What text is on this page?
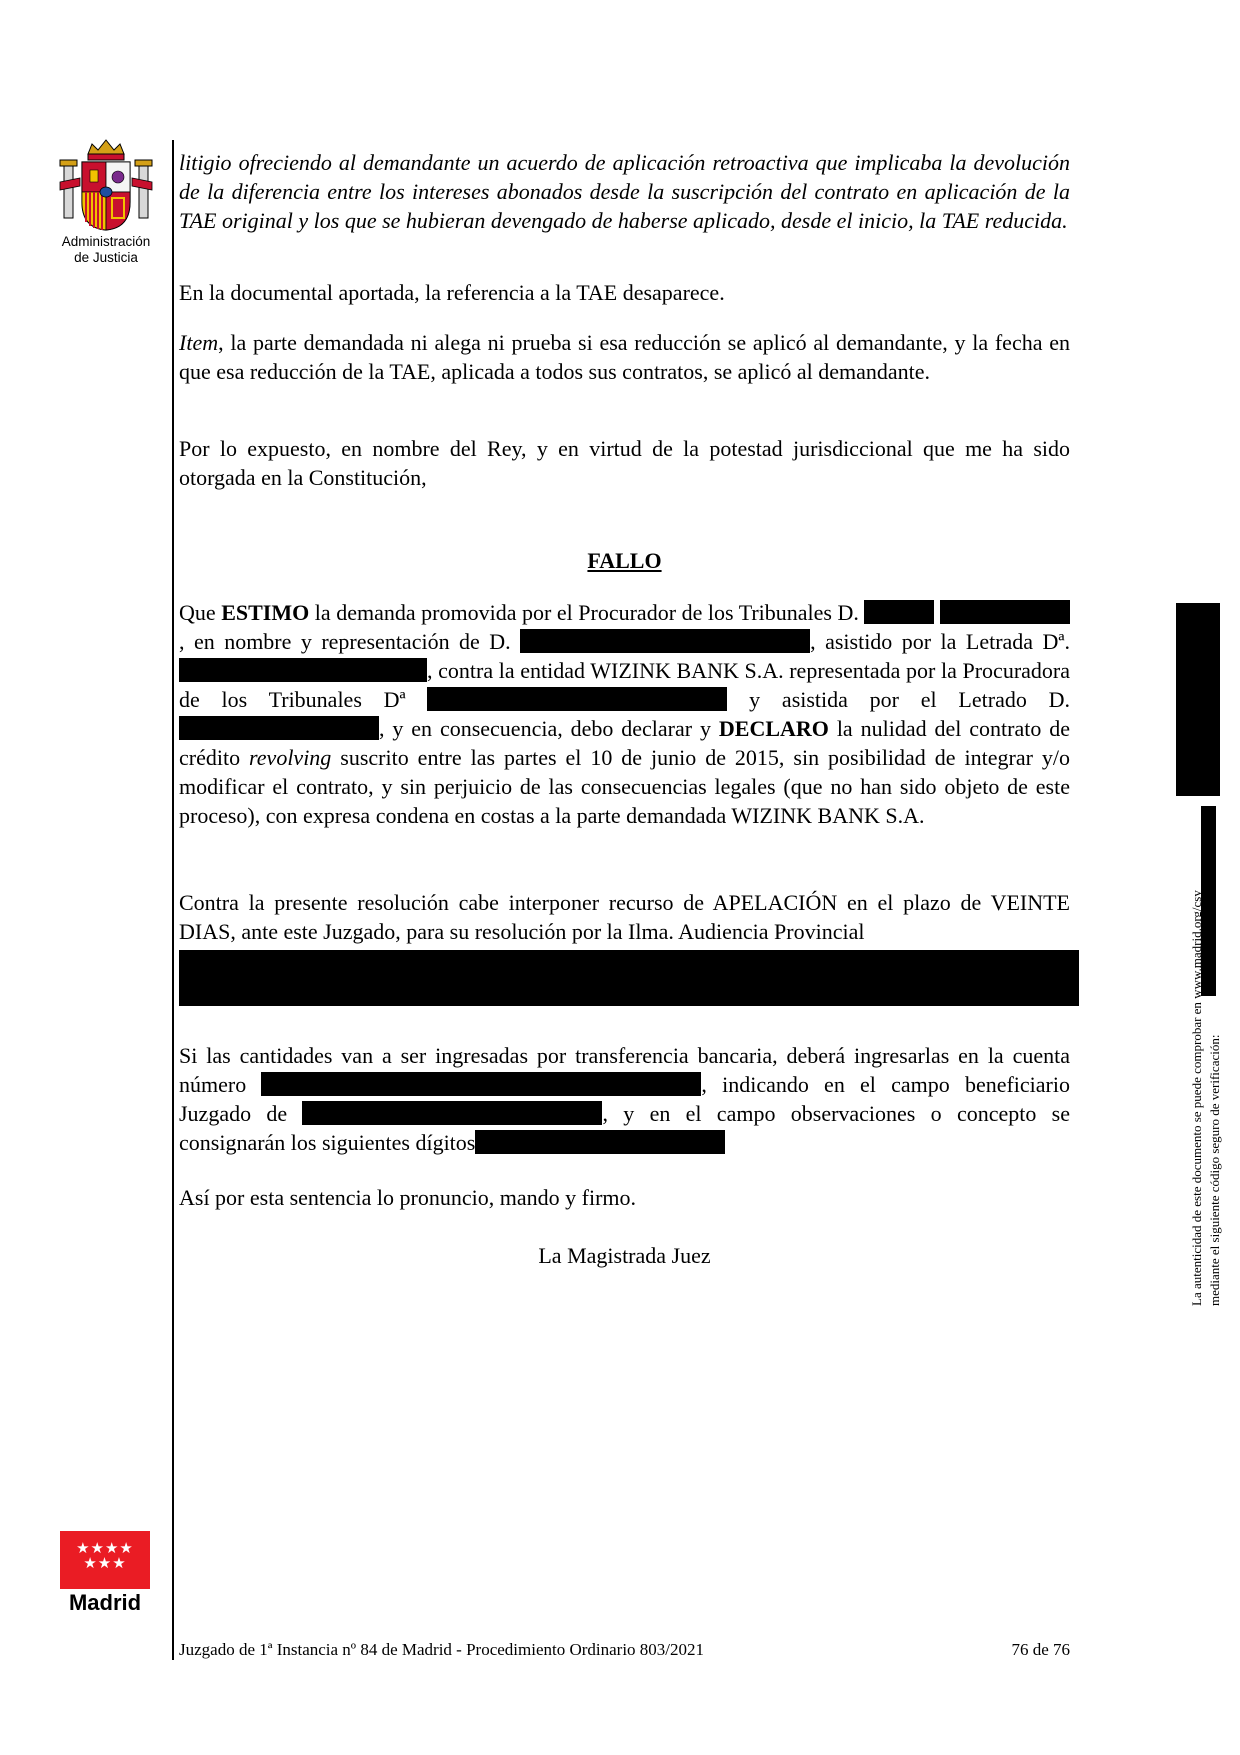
Administración
de Justicia

litigio ofreciendo al demandante un acuerdo de aplicación retroactiva que implicaba la devolución de la diferencia entre los intereses abonados desde la suscripción del contrato en aplicación de la TAE original y los que se hubieran devengado de haberse aplicado, desde el inicio, la TAE reducida.

En la documental aportada, la referencia a la TAE desaparece.

Item, la parte demandada ni alega ni prueba si esa reducción se aplicó al demandante, y la fecha en que esa reducción de la TAE, aplicada a todos sus contratos, se aplicó al demandante.

Por lo expuesto, en nombre del Rey, y en virtud de la potestad jurisdiccional que me ha sido otorgada en la Constitución,

FALLO

Que ESTIMO la demanda promovida por el Procurador de los Tribunales D.  , en nombre y representación de D.	, asistido por la Letrada Dª. , contra la entidad WIZINK BANK S.A. representada por la Procuradora de los Tribunales Dª	y asistida por el Letrado D. , y en consecuencia, debo declarar y DECLARO la nulidad del contrato de crédito revolving suscrito entre las partes el 10 de junio de 2015, sin posibilidad de integrar y/o modificar el contrato, y sin perjuicio de las consecuencias legales (que no han sido objeto de este proceso), con expresa condena en costas a la parte demandada WIZINK BANK S.A.

Contra la presente resolución cabe interponer recurso de APELACIÓN en el plazo de VEINTE DIAS, ante este Juzgado, para su resolución por la Ilma. Audiencia Provincial

Si las cantidades van a ser ingresadas por transferencia bancaria, deberá ingresarlas en la cuenta número	, indicando en el campo beneficiario Juzgado de	, y en el campo observaciones o concepto se consignarán los siguientes dígitos

Así por esta sentencia lo pronuncio, mando y firmo.

La Magistrada Juez
★★★★
★★★
Madrid
Juzgado de 1ª Instancia nº 84 de Madrid - Procedimiento Ordinario 803/2021	76 de 76
La autenticidad de este documento se puede comprobar en www.madrid.org/csv mediante el siguiente código seguro de verificación:
